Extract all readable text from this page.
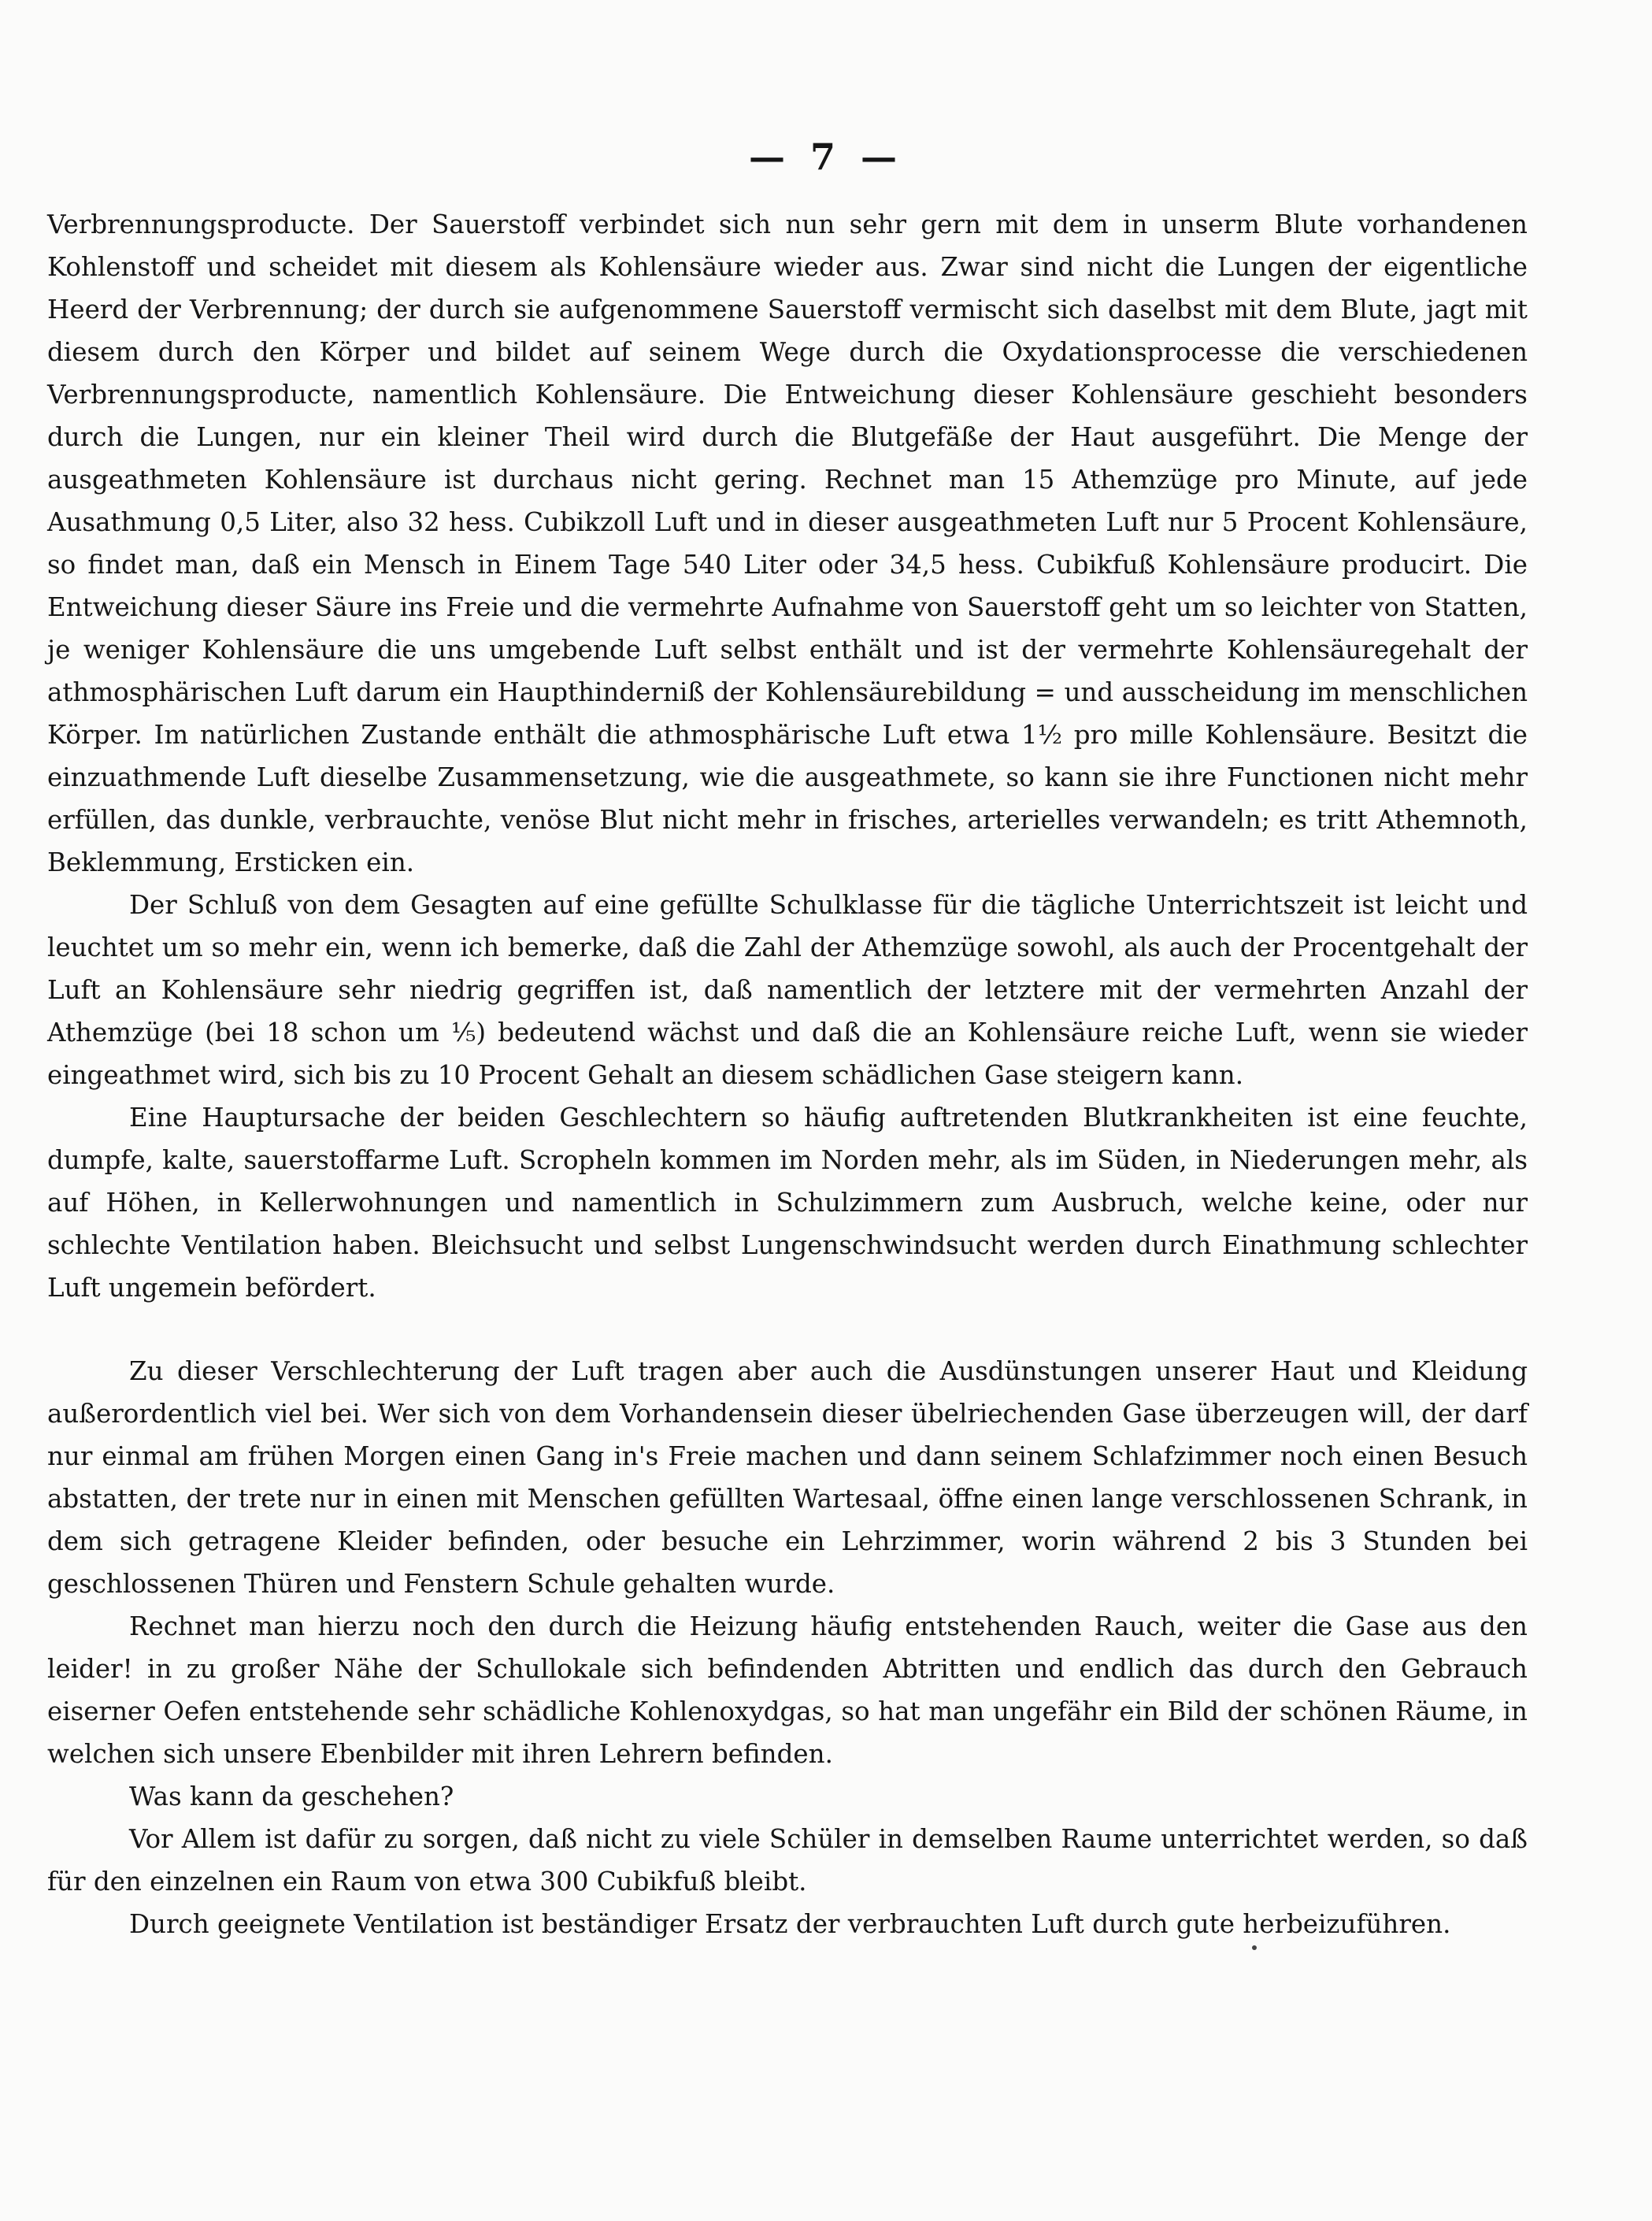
— 7 —

Verbrennungsproducte. Der Sauerstoff verbindet sich nun sehr gern mit dem in unserm Blute vorhandenen Kohlenstoff und scheidet mit diesem als Kohlensäure wieder aus. Zwar sind nicht die Lungen der eigentliche Heerd der Verbrennung; der durch sie aufgenommene Sauerstoff vermischt sich daselbst mit dem Blute, jagt mit diesem durch den Körper und bildet auf seinem Wege durch die Oxydationsprocesse die verschiedenen Verbrennungsproducte, namentlich Kohlensäure. Die Entweichung dieser Kohlensäure geschieht besonders durch die Lungen, nur ein kleiner Theil wird durch die Blutgefäße der Haut ausgeführt. Die Menge der ausgeathmeten Kohlensäure ist durchaus nicht gering. Rechnet man 15 Athemzüge pro Minute, auf jede Ausathmung 0,5 Liter, also 32 hess. Cubikzoll Luft und in dieser ausgeathmeten Luft nur 5 Procent Kohlensäure, so findet man, daß ein Mensch in Einem Tage 540 Liter oder 34,5 hess. Cubikfuß Kohlensäure producirt. Die Entweichung dieser Säure ins Freie und die vermehrte Aufnahme von Sauerstoff geht um so leichter von Statten, je weniger Kohlensäure die uns umgebende Luft selbst enthält und ist der vermehrte Kohlensäuregehalt der athmosphärischen Luft darum ein Haupthinderniß der Kohlensäurebildung = und ausscheidung im menschlichen Körper. Im natürlichen Zustande enthält die athmosphärische Luft etwa 1½ pro mille Kohlensäure. Besitzt die einzuathmende Luft dieselbe Zusammensetzung, wie die ausgeathmete, so kann sie ihre Functionen nicht mehr erfüllen, das dunkle, verbrauchte, venöse Blut nicht mehr in frisches, arterielles verwandeln; es tritt Athemnoth, Beklemmung, Ersticken ein.

Der Schluß von dem Gesagten auf eine gefüllte Schulklasse für die tägliche Unterrichtszeit ist leicht und leuchtet um so mehr ein, wenn ich bemerke, daß die Zahl der Athemzüge sowohl, als auch der Procentgehalt der Luft an Kohlensäure sehr niedrig gegriffen ist, daß namentlich der letztere mit der vermehrten Anzahl der Athemzüge (bei 18 schon um ⅕) bedeutend wächst und daß die an Kohlensäure reiche Luft, wenn sie wieder eingeathmet wird, sich bis zu 10 Procent Gehalt an diesem schädlichen Gase steigern kann.

Eine Hauptursache der beiden Geschlechtern so häufig auftretenden Blutkrankheiten ist eine feuchte, dumpfe, kalte, sauerstoffarme Luft. Scropheln kommen im Norden mehr, als im Süden, in Niederungen mehr, als auf Höhen, in Kellerwohnungen und namentlich in Schulzimmern zum Ausbruch, welche keine, oder nur schlechte Ventilation haben. Bleichsucht und selbst Lungenschwindsucht werden durch Einathmung schlechter Luft ungemein befördert.

Zu dieser Verschlechterung der Luft tragen aber auch die Ausdünstungen unserer Haut und Kleidung außerordentlich viel bei. Wer sich von dem Vorhandensein dieser übelriechenden Gase überzeugen will, der darf nur einmal am frühen Morgen einen Gang in's Freie machen und dann seinem Schlafzimmer noch einen Besuch abstatten, der trete nur in einen mit Menschen gefüllten Wartesaal, öffne einen lange verschlossenen Schrank, in dem sich getragene Kleider befinden, oder besuche ein Lehrzimmer, worin während 2 bis 3 Stunden bei geschlossenen Thüren und Fenstern Schule gehalten wurde.

Rechnet man hierzu noch den durch die Heizung häufig entstehenden Rauch, weiter die Gase aus den leider! in zu großer Nähe der Schullokale sich befindenden Abtritten und endlich das durch den Gebrauch eiserner Oefen entstehende sehr schädliche Kohlenoxydgas, so hat man ungefähr ein Bild der schönen Räume, in welchen sich unsere Ebenbilder mit ihren Lehrern befinden.

Was kann da geschehen?

Vor Allem ist dafür zu sorgen, daß nicht zu viele Schüler in demselben Raume unterrichtet werden, so daß für den einzelnen ein Raum von etwa 300 Cubikfuß bleibt.

Durch geeignete Ventilation ist beständiger Ersatz der verbrauchten Luft durch gute herbeizuführen.
